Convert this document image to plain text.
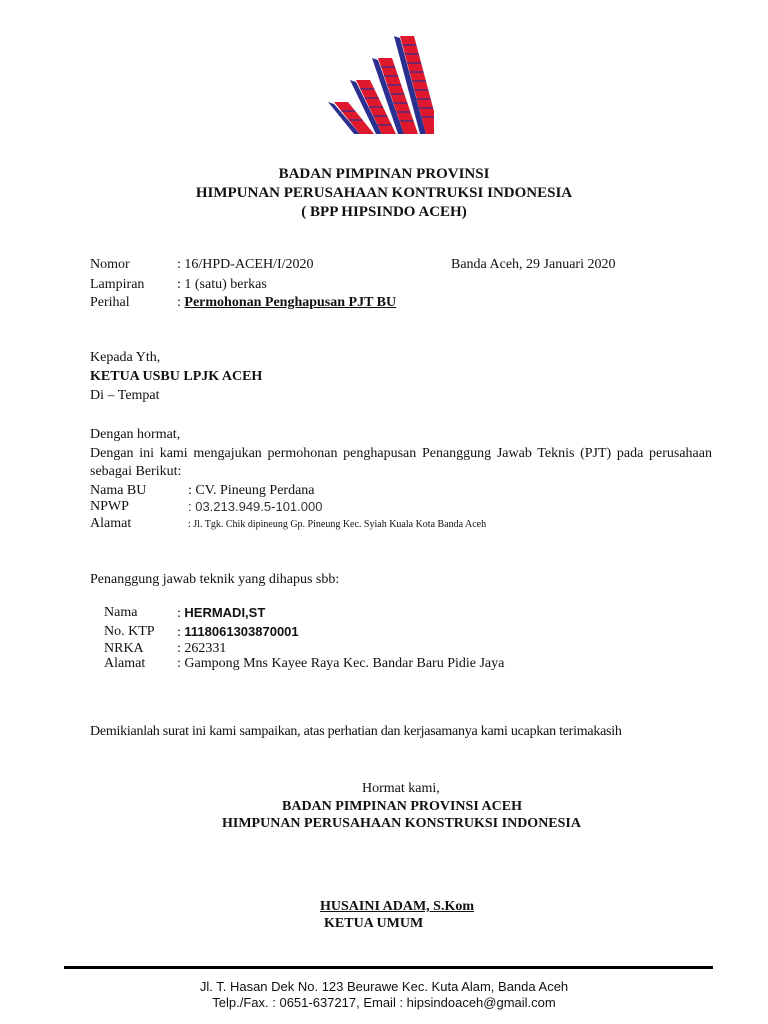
BADAN PIMPINAN PROVINSI
HIMPUNAN PERUSAHAAN KONTRUKSI INDONESIA
( BPP HIPSINDO ACEH)
Nomor	: 16/HPD-ACEH/I/2020	Banda Aceh, 29 Januari 2020
Lampiran : 1 (satu) berkas
Perihal	: Permohonan Penghapusan PJT BU
Kepada Yth,
KETUA USBU LPJK ACEH
Di – Tempat
Dengan hormat,
Dengan ini kami mengajukan permohonan penghapusan Penanggung Jawab Teknis (PJT) pada perusahaan sebagai Berikut:
Nama BU	: CV. Pineung Perdana
NPWP	: 03.213.949.5-101.000
Alamat	: Jl. Tgk. Chik dipineung Gp. Pineung Kec. Syiah Kuala Kota Banda Aceh
Penanggung jawab teknik yang dihapus sbb:
Nama	: HERMADI,ST
No. KTP : 1118061303870001
NRKA : 262331
Alamat : Gampong Mns Kayee Raya Kec. Bandar Baru Pidie Jaya
Demikianlah surat ini kami sampaikan, atas perhatian dan kerjasamanya kami ucapkan terimakasih
Hormat kami,
BADAN PIMPINAN PROVINSI ACEH
HIMPUNAN PERUSAHAAN KONSTRUKSI INDONESIA
HUSAINI ADAM, S.Kom
KETUA UMUM
Jl. T. Hasan Dek No. 123 Beurawe Kec. Kuta Alam, Banda Aceh
Telp./Fax. : 0651-637217, Email : hipsindoaceh@gmail.com
